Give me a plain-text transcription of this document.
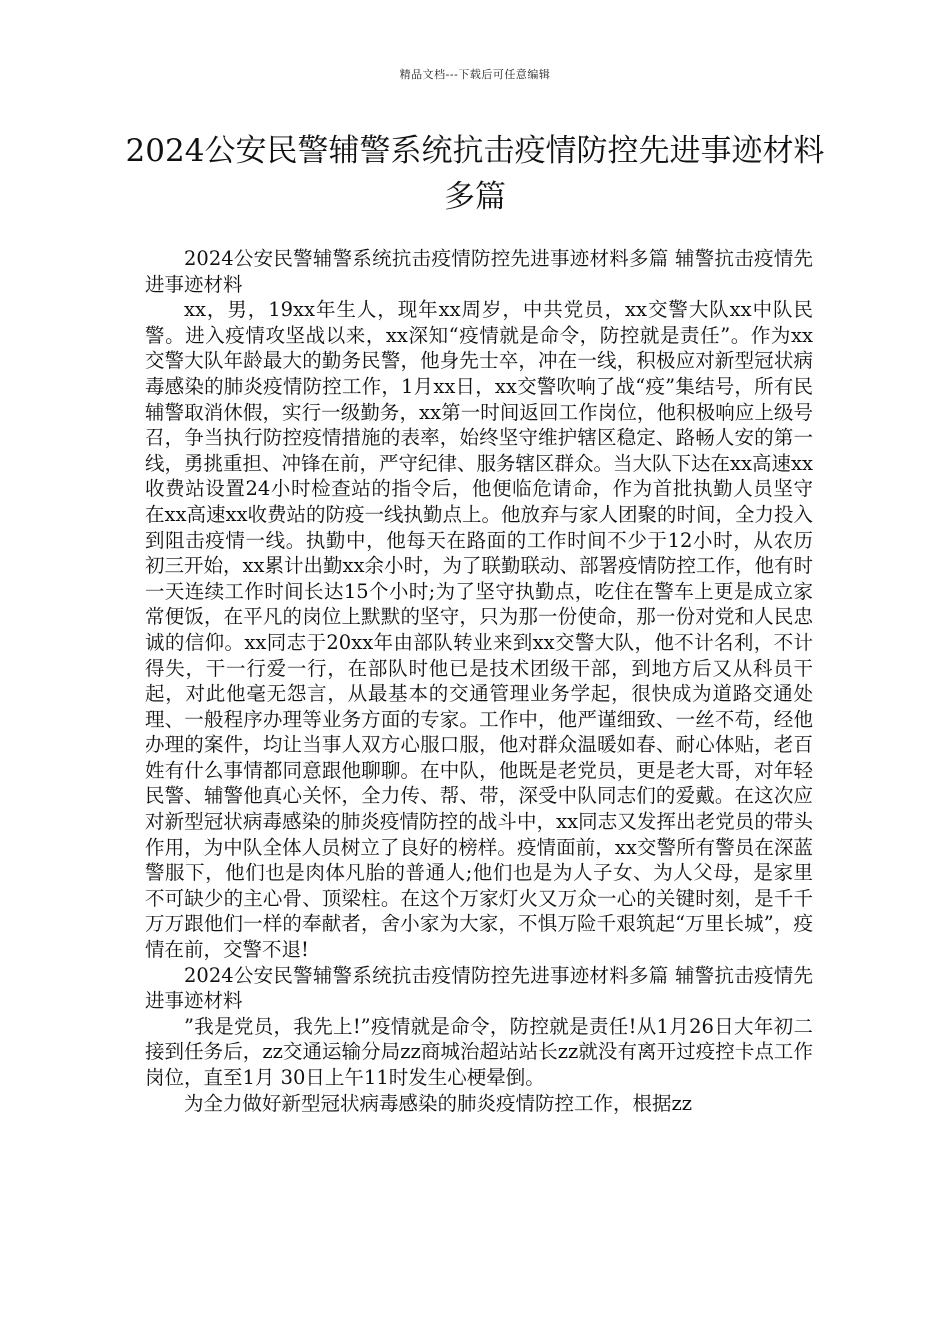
精品文档---下载后可任意编辑
2024公安民警辅警系统抗击疫情防控先进事迹材料多篇

2024公安民警辅警系统抗击疫情防控先进事迹材料多篇 辅警抗击疫情先进事迹材料

xx，男，19xx年生人，现年xx周岁，中共党员，xx交警大队xx中队民警。进入疫情攻坚战以来，xx深知“疫情就是命令，防控就是责任”。作为xx交警大队年龄最大的勤务民警，他身先士卒，冲在一线，积极应对新型冠状病毒感染的肺炎疫情防控工作，1月xx日，xx交警吹响了战“疫”集结号，所有民辅警取消休假，实行一级勤务，xx第一时间返回工作岗位，他积极响应上级号召，争当执行防控疫情措施的表率，始终坚守维护辖区稳定、路畅人安的第一线，勇挑重担、冲锋在前，严守纪律、服务辖区群众。当大队下达在xx高速xx收费站设置24小时检查站的指令后，他便临危请命，作为首批执勤人员坚守在xx高速xx收费站的防疫一线执勤点上。他放弃与家人团聚的时间，全力投入到阻击疫情一线。执勤中，他每天在路面的工作时间不少于12小时，从农历初三开始，xx累计出勤xx余小时，为了联勤联动、部署疫情防控工作，他有时一天连续工作时间长达15个小时;为了坚守执勤点，吃住在警车上更是成立家常便饭，在平凡的岗位上默默的坚守，只为那一份使命，那一份对党和人民忠诚的信仰。xx同志于20xx年由部队转业来到xx交警大队，他不计名利，不计得失，干一行爱一行，在部队时他已是技术团级干部，到地方后又从科员干起，对此他毫无怨言，从最基本的交通管理业务学起，很快成为道路交通处理、一般程序办理等业务方面的专家。工作中，他严谨细致、一丝不苟，经他办理的案件，均让当事人双方心服口服，他对群众温暖如春、耐心体贴，老百姓有什么事情都同意跟他聊聊。在中队，他既是老党员，更是老大哥，对年轻民警、辅警他真心关怀，全力传、帮、带，深受中队同志们的爱戴。在这次应对新型冠状病毒感染的肺炎疫情防控的战斗中，xx同志又发挥出老党员的带头作用，为中队全体人员树立了良好的榜样。疫情面前，xx交警所有警员在深蓝警服下，他们也是肉体凡胎的普通人;他们也是为人子女、为人父母，是家里不可缺少的主心骨、顶梁柱。在这个万家灯火又万众一心的关键时刻，是千千万万跟他们一样的奉献者，舍小家为大家，不惧万险千艰筑起“万里长城”，疫情在前，交警不退!

2024公安民警辅警系统抗击疫情防控先进事迹材料多篇 辅警抗击疫情先进事迹材料

”我是党员，我先上!”疫情就是命令，防控就是责任!从1月26日大年初二接到任务后，zz交通运输分局zz商城治超站站长zz就没有离开过疫控卡点工作岗位，直至1月 30日上午11时发生心梗晕倒。

为全力做好新型冠状病毒感染的肺炎疫情防控工作，根据zz
